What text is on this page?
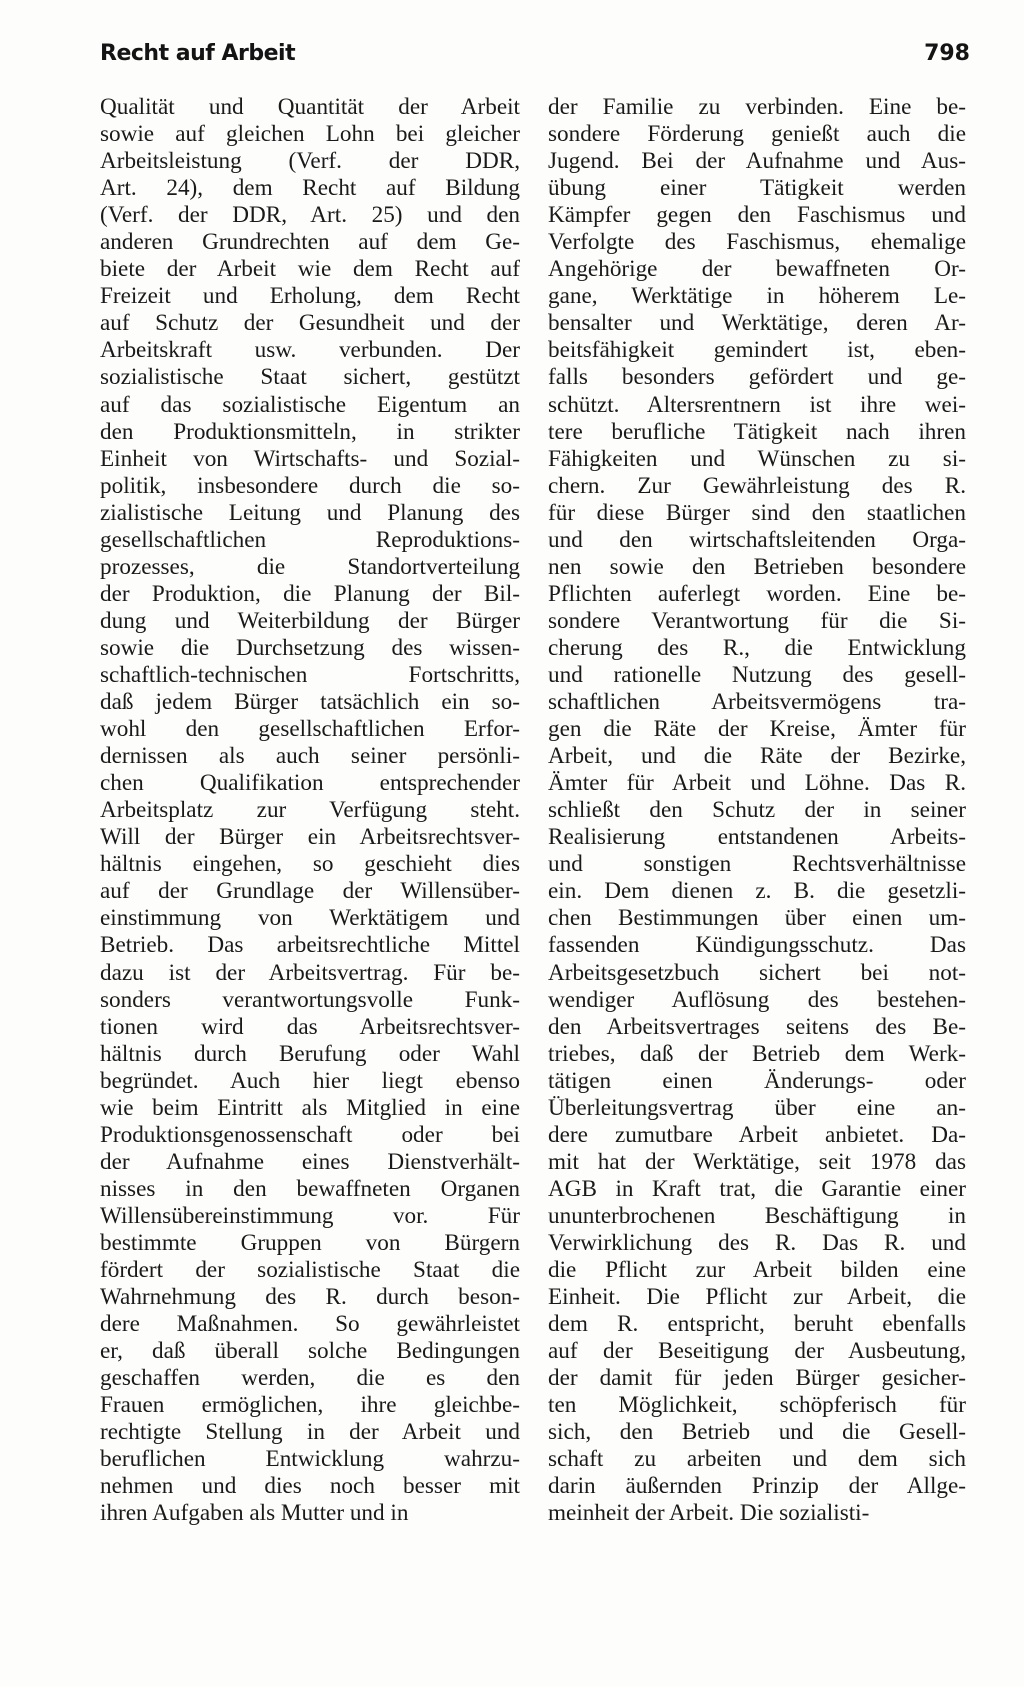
Recht auf Arbeit	798
Qualität und Quantität der Arbeit
sowie auf gleichen Lohn bei gleicher
Arbeitsleistung (Verf. der DDR,
Art. 24), dem Recht auf Bildung
(Verf. der DDR, Art. 25) und den
anderen Grundrechten auf dem Ge-
biete der Arbeit wie dem Recht auf
Freizeit und Erholung, dem Recht
auf Schutz der Gesundheit und der
Arbeitskraft usw. verbunden. Der
sozialistische Staat sichert, gestützt
auf das sozialistische Eigentum an
den Produktionsmitteln, in strikter
Einheit von Wirtschafts- und Sozial-
politik, insbesondere durch die so-
zialistische Leitung und Planung des
gesellschaftlichen Reproduktions-
prozesses, die Standortverteilung
der Produktion, die Planung der Bil-
dung und Weiterbildung der Bürger
sowie die Durchsetzung des wissen-
schaftlich-technischen Fortschritts,
daß jedem Bürger tatsächlich ein so-
wohl den gesellschaftlichen Erfor-
dernissen als auch seiner persönli-
chen Qualifikation entsprechender
Arbeitsplatz zur Verfügung steht.
Will der Bürger ein Arbeitsrechtsver-
hältnis eingehen, so geschieht dies
auf der Grundlage der Willensüber-
einstimmung von Werktätigem und
Betrieb. Das arbeitsrechtliche Mittel
dazu ist der Arbeitsvertrag. Für be-
sonders verantwortungsvolle Funk-
tionen wird das Arbeitsrechtsver-
hältnis durch Berufung oder Wahl
begründet. Auch hier liegt ebenso
wie beim Eintritt als Mitglied in eine
Produktionsgenossenschaft oder bei
der Aufnahme eines Dienstverhält-
nisses in den bewaffneten Organen
Willensübereinstimmung vor. Für
bestimmte Gruppen von Bürgern
fördert der sozialistische Staat die
Wahrnehmung des R. durch beson-
dere Maßnahmen. So gewährleistet
er, daß überall solche Bedingungen
geschaffen werden, die es den
Frauen ermöglichen, ihre gleichbe-
rechtigte Stellung in der Arbeit und
beruflichen Entwicklung wahrzu-
nehmen und dies noch besser mit
ihren Aufgaben als Mutter und in
der Familie zu verbinden. Eine be-
sondere Förderung genießt auch die
Jugend. Bei der Aufnahme und Aus-
übung einer Tätigkeit werden
Kämpfer gegen den Faschismus und
Verfolgte des Faschismus, ehemalige
Angehörige der bewaffneten Or-
gane, Werktätige in höherem Le-
bensalter und Werktätige, deren Ar-
beitsfähigkeit gemindert ist, eben-
falls besonders gefördert und ge-
schützt. Altersrentnern ist ihre wei-
tere berufliche Tätigkeit nach ihren
Fähigkeiten und Wünschen zu si-
chern. Zur Gewährleistung des R.
für diese Bürger sind den staatlichen
und den wirtschaftsleitenden Orga-
nen sowie den Betrieben besondere
Pflichten auferlegt worden. Eine be-
sondere Verantwortung für die Si-
cherung des R., die Entwicklung
und rationelle Nutzung des gesell-
schaftlichen Arbeitsvermögens tra-
gen die Räte der Kreise, Ämter für
Arbeit, und die Räte der Bezirke,
Ämter für Arbeit und Löhne. Das R.
schließt den Schutz der in seiner
Realisierung entstandenen Arbeits-
und sonstigen Rechtsverhältnisse
ein. Dem dienen z. B. die gesetzli-
chen Bestimmungen über einen um-
fassenden Kündigungsschutz. Das
Arbeitsgesetzbuch sichert bei not-
wendiger Auflösung des bestehen-
den Arbeitsvertrages seitens des Be-
triebes, daß der Betrieb dem Werk-
tätigen einen Änderungs- oder
Überleitungsvertrag über eine an-
dere zumutbare Arbeit anbietet. Da-
mit hat der Werktätige, seit 1978 das
AGB in Kraft trat, die Garantie einer
ununterbrochenen Beschäftigung in
Verwirklichung des R. Das R. und
die Pflicht zur Arbeit bilden eine
Einheit. Die Pflicht zur Arbeit, die
dem R. entspricht, beruht ebenfalls
auf der Beseitigung der Ausbeutung,
der damit für jeden Bürger gesicher-
ten Möglichkeit, schöpferisch für
sich, den Betrieb und die Gesell-
schaft zu arbeiten und dem sich
darin äußernden Prinzip der Allge-
meinheit der Arbeit. Die sozialisti-
